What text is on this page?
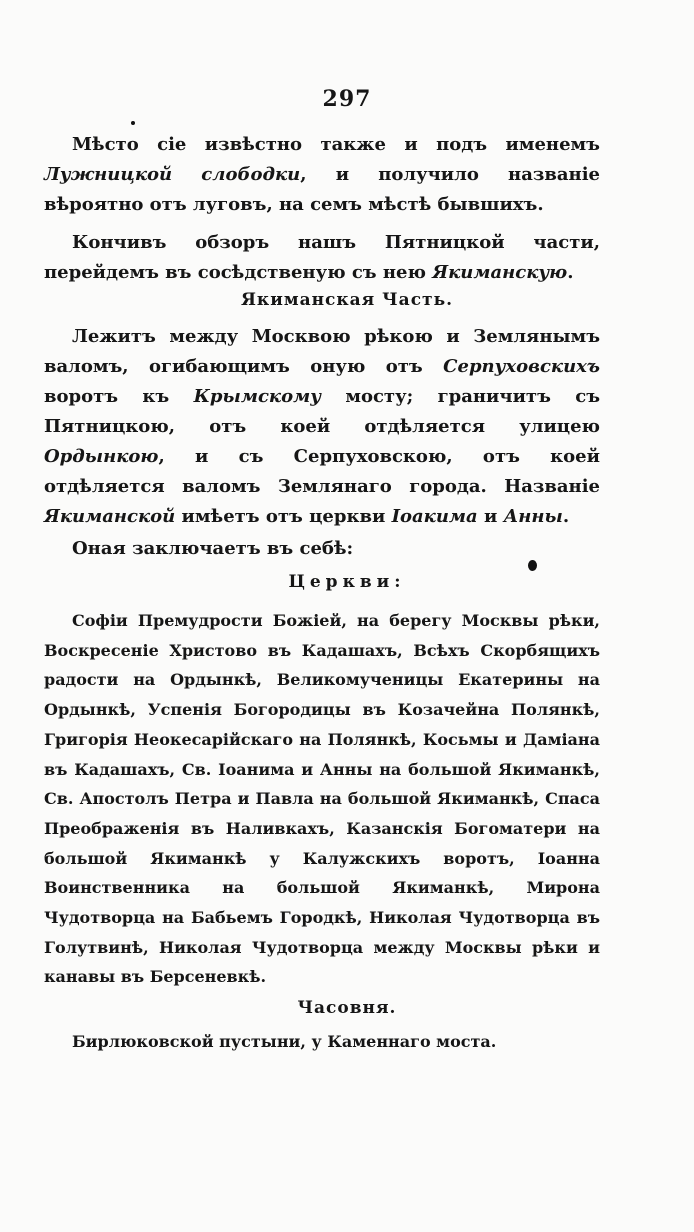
297

Мѣсто сіе извѣстно также и подъ именемъ Лужницкой слободки, и получило названіе вѣроятно отъ луговъ, на семъ мѣстѣ бывшихъ.

Кончивъ обзоръ нашъ Пятницкой части, перейдемъ въ сосѣдственую съ нею Якиманскую.

Якиманская Часть.

Лежитъ между Москвою рѣкою и Землянымъ валомъ, огибающимъ оную отъ Серпуховскихъ воротъ къ Крымскому мосту; граничитъ съ Пятницкою, отъ коей отдѣляется улицею Ордынкою, и съ Серпуховскою, отъ коей отдѣляется валомъ Землянаго города. Названіе Якиманской имѣетъ отъ церкви Іоакима и Анны.

Оная заключаетъ въ себѣ:

Церкви:

Софіи Премудрости Божіей, на берегу Москвы рѣки, Воскресеніе Христово въ Кадашахъ, Всѣхъ Скорбящихъ радости на Ордынкѣ, Великомученицы Екатерины на Ордынкѣ, Успенія Богородицы въ Козачейна Полянкѣ, Григорія Неокесарійскаго на Полянкѣ, Косьмы и Даміана въ Кадашахъ, Св. Іоанима и Анны на большой Якиманкѣ, Св. Апостолъ Петра и Павла на большой Якиманкѣ, Спаса Преображенія въ Наливкахъ, Казанскія Богоматери на большой Якиманкѣ у Калужскихъ воротъ, Іоанна Воинственника на большой Якиманкѣ, Мирона Чудотворца на Бабьемъ Городкѣ, Николая Чудотворца въ Голутвинѣ, Николая Чудотворца между Москвы рѣки и канавы въ Берсеневкѣ.

Часовня.
Бирлюковской пустыни, у Каменнаго моста.
